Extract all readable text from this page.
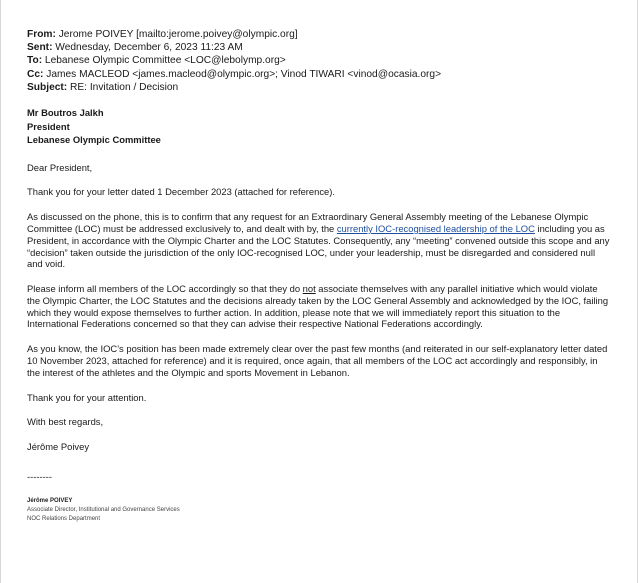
From: Jerome POIVEY [mailto:jerome.poivey@olympic.org]
Sent: Wednesday, December 6, 2023 11:23 AM
To: Lebanese Olympic Committee <LOC@lebolymp.org>
Cc: James MACLEOD <james.macleod@olympic.org>; Vinod TIWARI <vinod@ocasia.org>
Subject: RE: Invitation / Decision
Mr Boutros Jalkh
President
Lebanese Olympic Committee

Dear President,

Thank you for your letter dated 1 December 2023 (attached for reference).

As discussed on the phone, this is to confirm that any request for an Extraordinary General Assembly meeting of the Lebanese Olympic Committee (LOC) must be addressed exclusively to, and dealt with by, the currently IOC-recognised leadership of the LOC including you as President, in accordance with the Olympic Charter and the LOC Statutes. Consequently, any “meeting” convened outside this scope and any “decision” taken outside the jurisdiction of the only IOC-recognised LOC, under your leadership, must be disregarded and considered null and void.

Please inform all members of the LOC accordingly so that they do not associate themselves with any parallel initiative which would violate the Olympic Charter, the LOC Statutes and the decisions already taken by the LOC General Assembly and acknowledged by the IOC, failing which they would expose themselves to further action. In addition, please note that we will immediately report this situation to the International Federations concerned so that they can advise their respective National Federations accordingly.

As you know, the IOC’s position has been made extremely clear over the past few months (and reiterated in our self-explanatory letter dated 10 November 2023, attached for reference) and it is required, once again, that all members of the LOC act accordingly and responsibly, in the interest of the athletes and the Olympic and sports Movement in Lebanon.

Thank you for your attention.

With best regards,

Jérôme Poivey

--------

Jérôme POIVEY
Associate Director, Institutional and Governance Services
NOC Relations Department
